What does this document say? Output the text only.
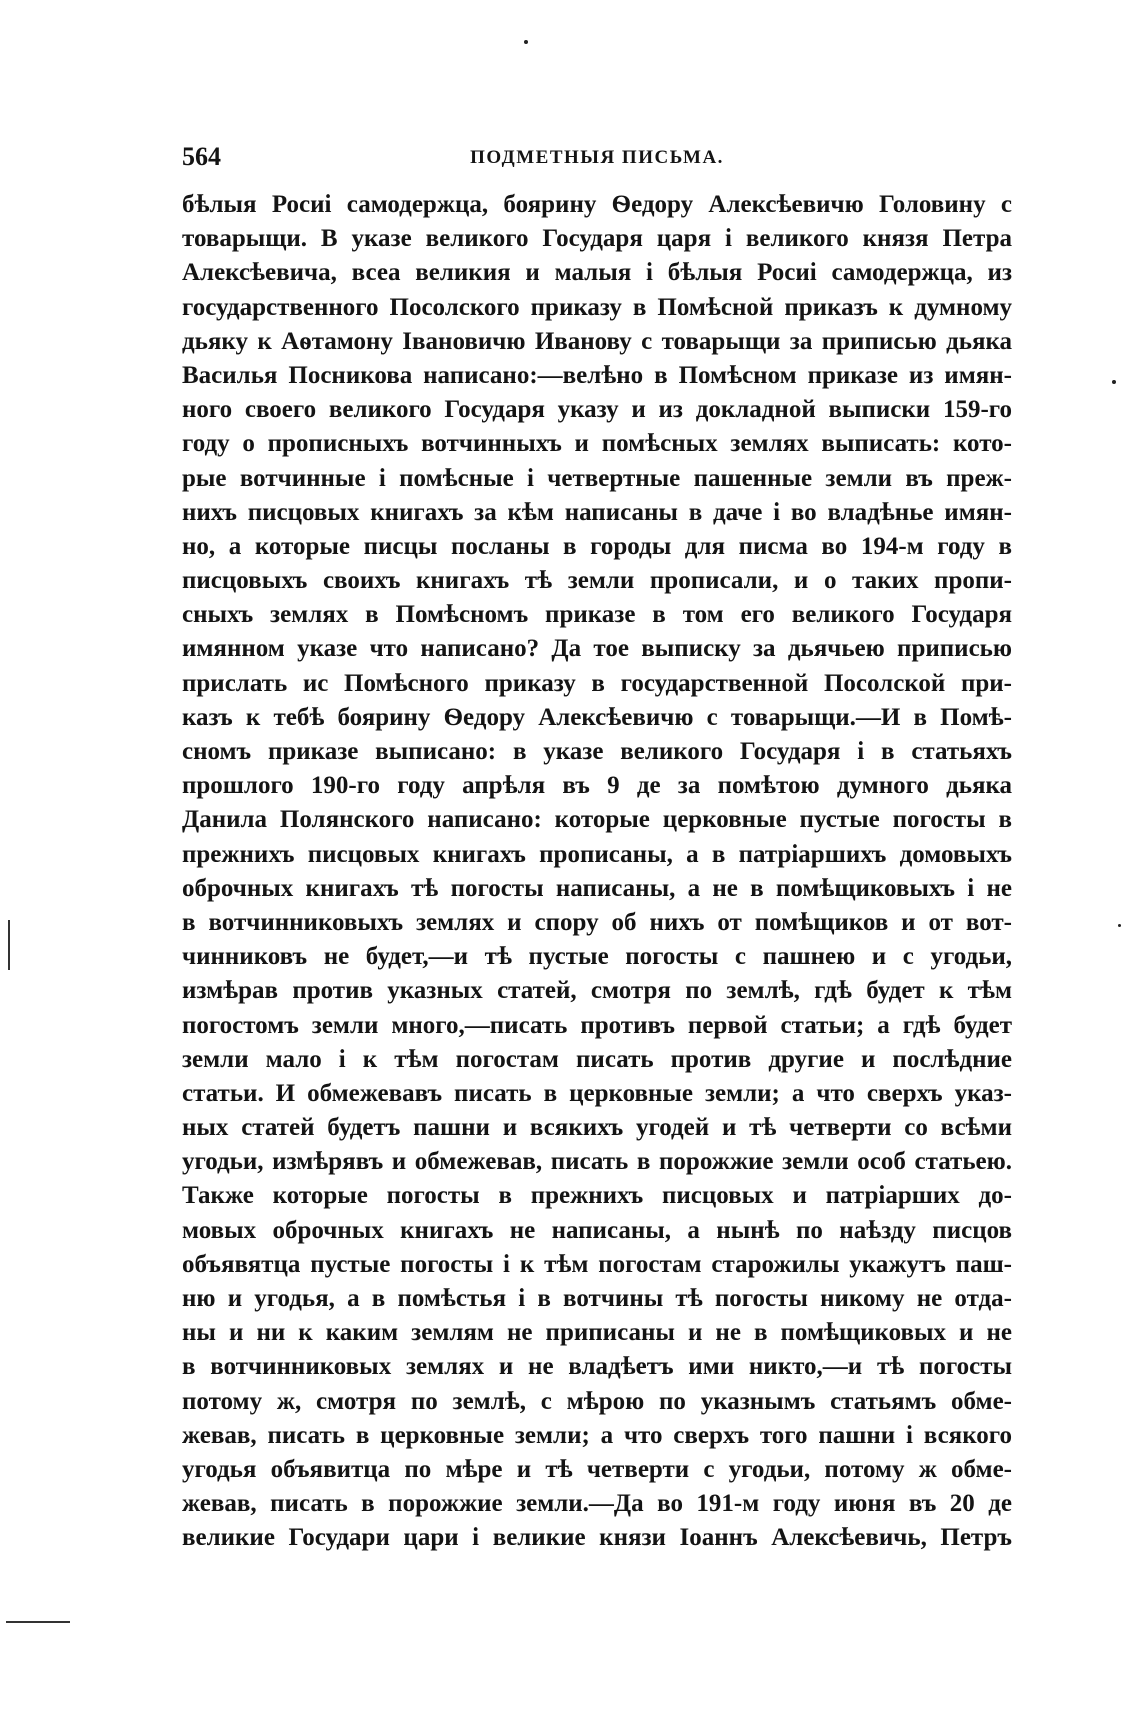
564	ПОДМЕТНЫЯ ПИСЬМА.
бѣлыя Росиі самодержца, боярину Ѳедору Алексѣевичю Головину с
товарыщи. В указе великого Государя царя і великого князя Петра
Алексѣевича, всеа великия и малыя і бѣлыя Росиі самодержца, из
государственного Посолского приказу в Помѣсной приказъ к думному
дьяку к Аѳтамону Івановичю Иванову с товарыщи за приписью дьяка
Василья Посникова написано:—велѣно в Помѣсном приказе из имян-
ного своего великого Государя указу и из докладной выписки 159-го
году о прописныхъ вотчинныхъ и помѣсных землях выписать: кото-
рые вотчинные і помѣсные і четвертные пашенные земли въ преж-
нихъ писцовых книгахъ за кѣм написаны в даче і во владѣнье имян-
но, а которые писцы посланы в городы для писма во 194-м году в
писцовыхъ своихъ книгахъ тѣ земли прописали, и о таких пропи-
сныхъ землях в Помѣсномъ приказе в том его великого Государя
имянном указе что написано? Да тое выписку за дьячьею приписью
прислать ис Помѣсного приказу в государственной Посолской при-
казъ к тебѣ боярину Ѳедору Алексѣевичю с товарыщи.—И в Помѣ-
сномъ приказе выписано: в указе великого Государя і в статьяхъ
прошлого 190-го году апрѣля въ 9 де за помѣтою думного дьяка
Данила Полянского написано: которые церковные пустые погосты в
прежнихъ писцовых книгахъ прописаны, а в патріаршихъ домовыхъ
оброчных книгахъ тѣ погосты написаны, а не в помѣщиковыхъ і не
в вотчинниковыхъ землях и спору об нихъ от помѣщиков и от вот-
чинниковъ не будет,—и тѣ пустые погосты с пашнею и с угодьи,
измѣрав против указных статей, смотря по землѣ, гдѣ будет к тѣм
погостомъ земли много,—писать противъ первой статьи; а гдѣ будет
земли мало і к тѣм погостам писать против другие и послѣдние
статьи. И обмежевавъ писать в церковные земли; а что сверхъ указ-
ных статей будетъ пашни и всякихъ угодей и тѣ четверти со всѣми
угодьи, измѣрявъ и обмежевав, писать в порожжие земли особ статьею.
Также которые погосты в прежнихъ писцовых и патріарших до-
мовых оброчных книгахъ не написаны, а нынѣ по наѣзду писцов
объявятца пустые погосты і к тѣм погостам старожилы укажутъ паш-
ню и угодья, а в помѣстья і в вотчины тѣ погосты никому не отда-
ны и ни к каким землям не приписаны и не в помѣщиковых и не
в вотчинниковых землях и не владѣетъ ими никто,—и тѣ погосты
потому ж, смотря по землѣ, с мѣрою по указнымъ статьямъ обме-
жевав, писать в церковные земли; а что сверхъ того пашни і всякого
угодья объявитца по мѣре и тѣ четверти с угодьи, потому ж обме-
жевав, писать в порожжие земли.—Да во 191-м году июня въ 20 де
великие Государи цари і великие князи Іоаннъ Алексѣевичь, Петръ
